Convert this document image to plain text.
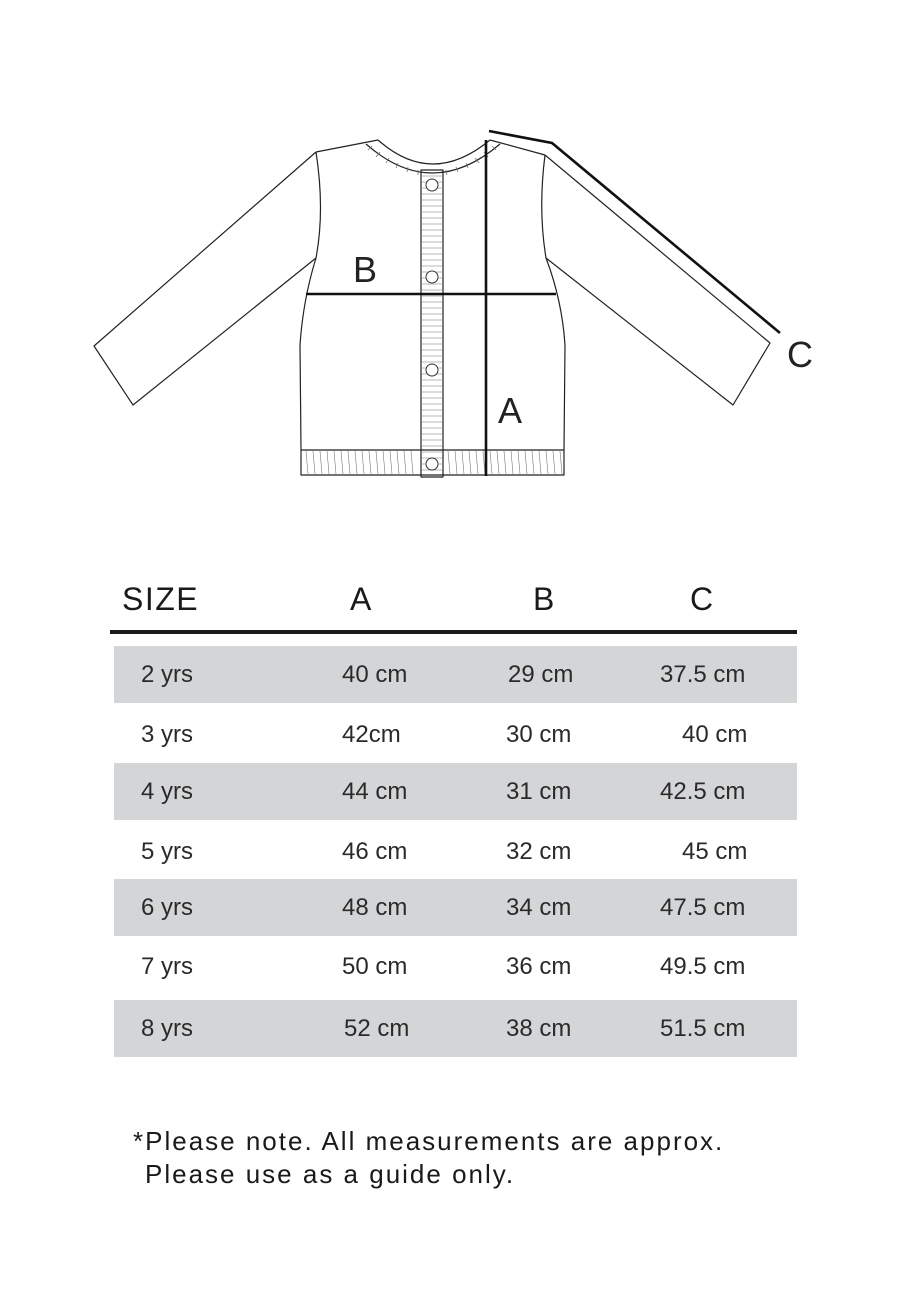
B
A
C
SIZE	A	B	C
2 yrs	40 cm	29 cm	37.5 cm
3 yrs	42cm	30 cm	40 cm
4 yrs	44 cm	31 cm	42.5 cm
5 yrs	46 cm	32 cm	45 cm
6 yrs	48 cm	34 cm	47.5 cm
7 yrs	50 cm	36 cm	49.5 cm
8 yrs	52 cm	38 cm	51.5 cm
*Please note. All measurements are approx.
Please use as a guide only.
